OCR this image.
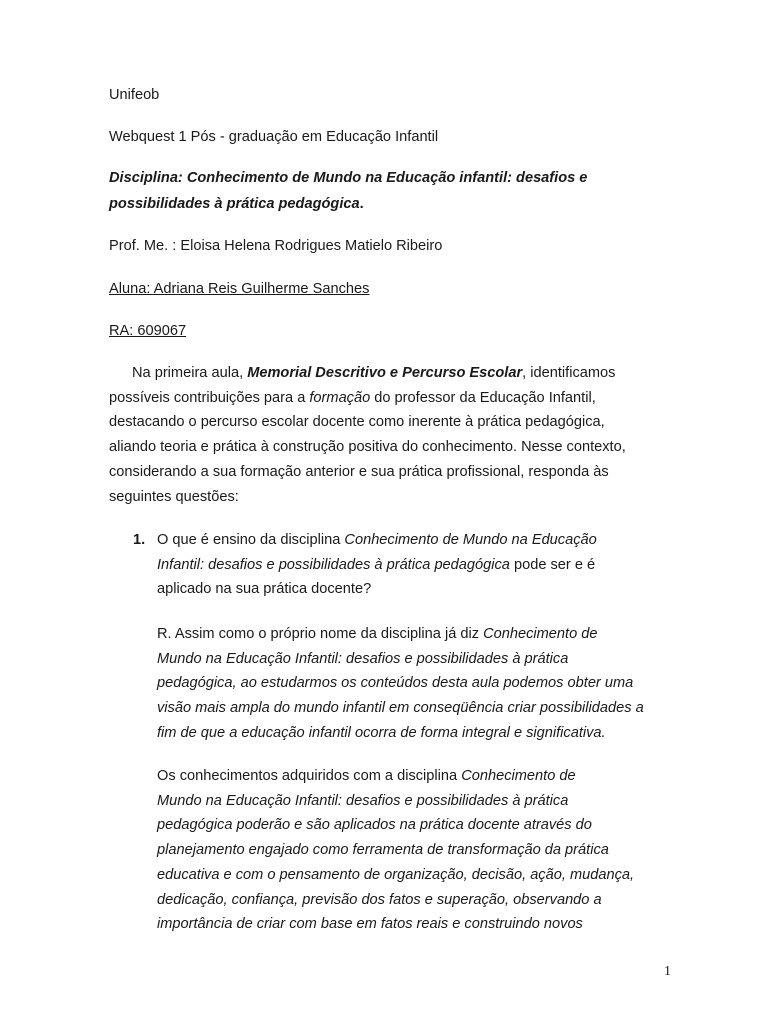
Unifeob
Webquest 1 Pós - graduação em Educação Infantil
Disciplina: Conhecimento de Mundo na Educação infantil: desafios e
possibilidades à prática pedagógica.
Prof. Me. : Eloisa Helena Rodrigues Matielo Ribeiro
Aluna: Adriana Reis Guilherme Sanches
RA: 609067
Na primeira aula, Memorial Descritivo e Percurso Escolar, identificamos
possíveis contribuições para a formação do professor da Educação Infantil,
destacando o percurso escolar docente como inerente à prática pedagógica,
aliando teoria e prática à construção positiva do conhecimento. Nesse contexto,
considerando a sua formação anterior e sua prática profissional, responda às
seguintes questões:
1. O que é ensino da disciplina Conhecimento de Mundo na Educação
Infantil: desafios e possibilidades à prática pedagógica pode ser e é
aplicado na sua prática docente?
R. Assim como o próprio nome da disciplina já diz Conhecimento de
Mundo na Educação Infantil: desafios e possibilidades à prática
pedagógica, ao estudarmos os conteúdos desta aula podemos obter uma
visão mais ampla do mundo infantil em conseqüência criar possibilidades a
fim de que a educação infantil ocorra de forma integral e significativa.
Os conhecimentos adquiridos com a disciplina Conhecimento de
Mundo na Educação Infantil: desafios e possibilidades à prática
pedagógica poderão e são aplicados na prática docente através do
planejamento engajado como ferramenta de transformação da prática
educativa e com o pensamento de organização, decisão, ação, mudança,
dedicação, confiança, previsão dos fatos e superação, observando a
importância de criar com base em fatos reais e construindo novos
1
